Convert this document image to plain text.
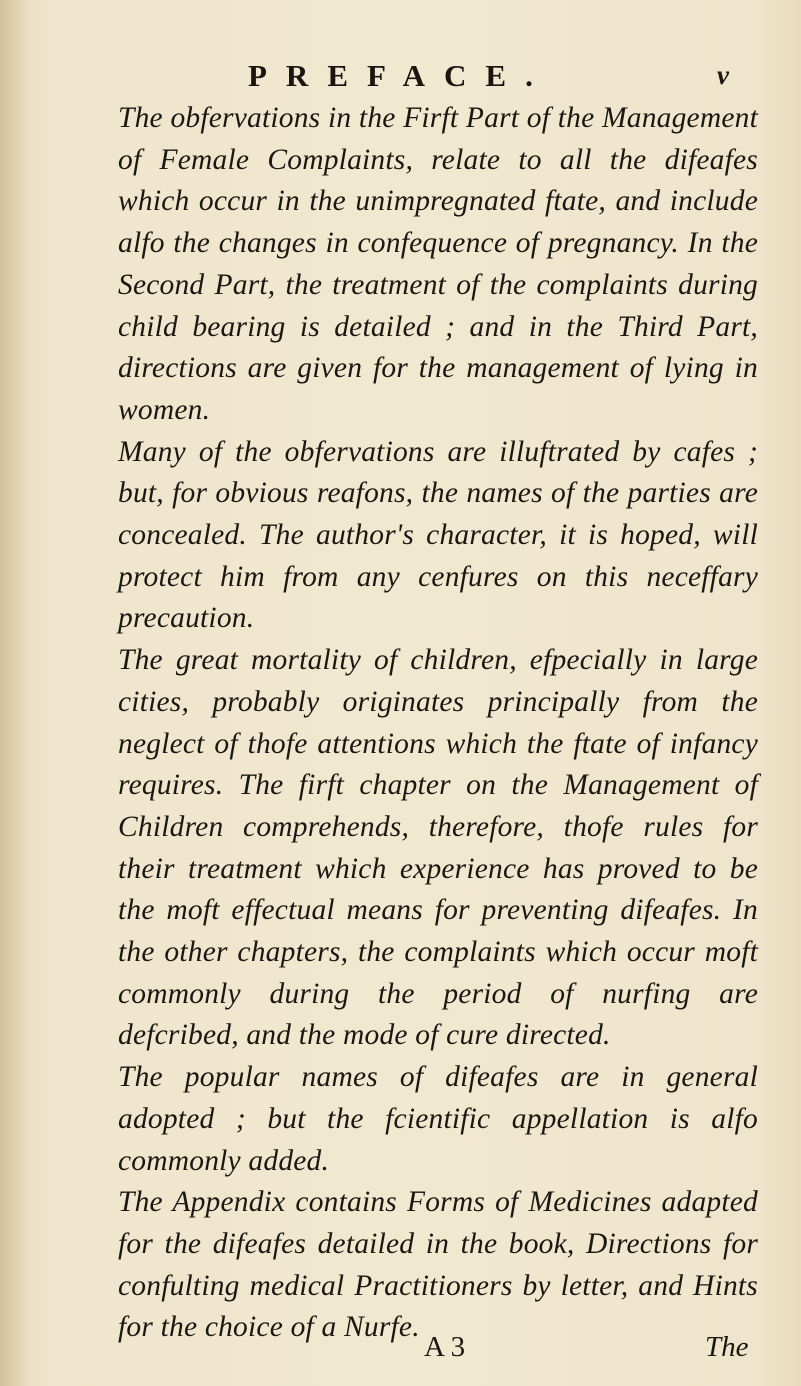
PREFACE.	v

The obfervations in the Firft Part of the Management of Female Complaints, relate to all the difeafes which occur in the unimpregnated ftate, and include alfo the changes in confequence of pregnancy. In the Second Part, the treatment of the complaints during child bearing is detailed ; and in the Third Part, directions are given for the management of lying in women.

Many of the obfervations are illuftrated by cafes ; but, for obvious reafons, the names of the parties are concealed. The author's character, it is hoped, will protect him from any cenfures on this neceffary precaution.

The great mortality of children, efpecially in large cities, probably originates principally from the neglect of thofe attentions which the ftate of infancy requires. The firft chapter on the Management of Children comprehends, therefore, thofe rules for their treatment which experience has proved to be the moft effectual means for preventing difeafes. In the other chapters, the complaints which occur moft commonly during the period of nurfing are defcribed, and the mode of cure directed.

The popular names of difeafes are in general adopted ; but the fcientific appellation is alfo commonly added.

The Appendix contains Forms of Medicines adapted for the difeafes detailed in the book, Directions for confulting medical Practitioners by letter, and Hints for the choice of a Nurfe.

A 3	The
